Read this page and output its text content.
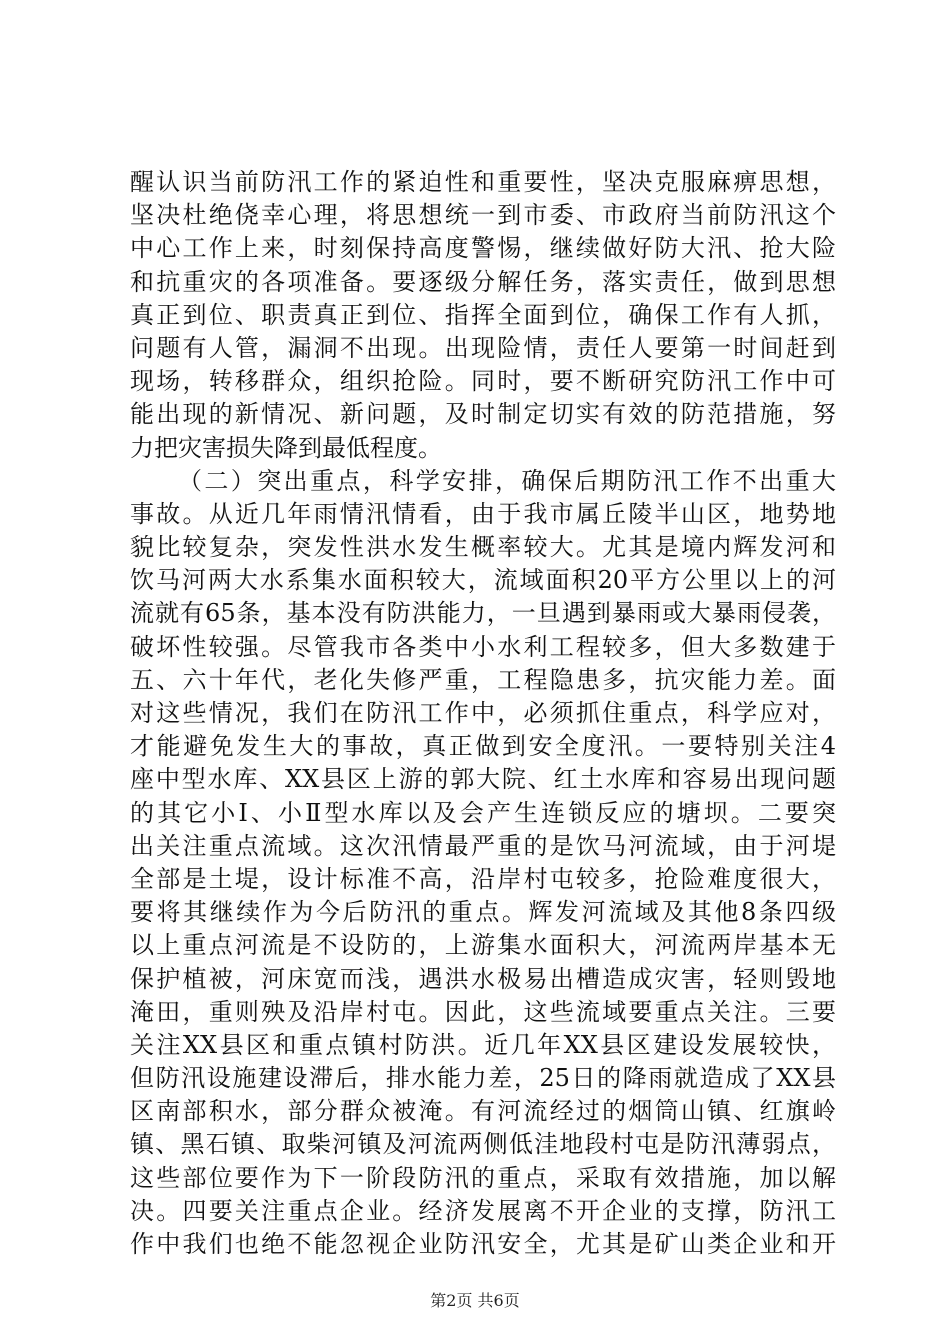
醒认识当前防汛工作的紧迫性和重要性，坚决克服麻痹思想，
坚决杜绝侥幸心理，将思想统一到市委、市政府当前防汛这个
中心工作上来，时刻保持高度警惕，继续做好防大汛、抢大险
和抗重灾的各项准备。要逐级分解任务，落实责任，做到思想
真正到位、职责真正到位、指挥全面到位，确保工作有人抓，
问题有人管，漏洞不出现。出现险情，责任人要第一时间赶到
现场，转移群众，组织抢险。同时，要不断研究防汛工作中可
能出现的新情况、新问题，及时制定切实有效的防范措施，努
力把灾害损失降到最低程度。
（二）突出重点，科学安排，确保后期防汛工作不出重大
事故。从近几年雨情汛情看，由于我市属丘陵半山区，地势地
貌比较复杂，突发性洪水发生概率较大。尤其是境内辉发河和
饮马河两大水系集水面积较大，流域面积20平方公里以上的河
流就有65条，基本没有防洪能力，一旦遇到暴雨或大暴雨侵袭，
破坏性较强。尽管我市各类中小水利工程较多，但大多数建于
五、六十年代，老化失修严重，工程隐患多，抗灾能力差。面
对这些情况，我们在防汛工作中，必须抓住重点，科学应对，
才能避免发生大的事故，真正做到安全度汛。一要特别关注4
座中型水库、XX县区上游的郭大院、红土水库和容易出现问题
的其它小Ⅰ、小Ⅱ型水库以及会产生连锁反应的塘坝。二要突
出关注重点流域。这次汛情最严重的是饮马河流域，由于河堤
全部是土堤，设计标准不高，沿岸村屯较多，抢险难度很大，
要将其继续作为今后防汛的重点。辉发河流域及其他8条四级
以上重点河流是不设防的，上游集水面积大，河流两岸基本无
保护植被，河床宽而浅，遇洪水极易出槽造成灾害，轻则毁地
淹田，重则殃及沿岸村屯。因此，这些流域要重点关注。三要
关注XX县区和重点镇村防洪。近几年XX县区建设发展较快，
但防汛设施建设滞后，排水能力差，25日的降雨就造成了XX县
区南部积水，部分群众被淹。有河流经过的烟筒山镇、红旗岭
镇、黑石镇、取柴河镇及河流两侧低洼地段村屯是防汛薄弱点，
这些部位要作为下一阶段防汛的重点，采取有效措施，加以解
决。四要关注重点企业。经济发展离不开企业的支撑，防汛工
作中我们也绝不能忽视企业防汛安全，尤其是矿山类企业和开
第2页 共6页
